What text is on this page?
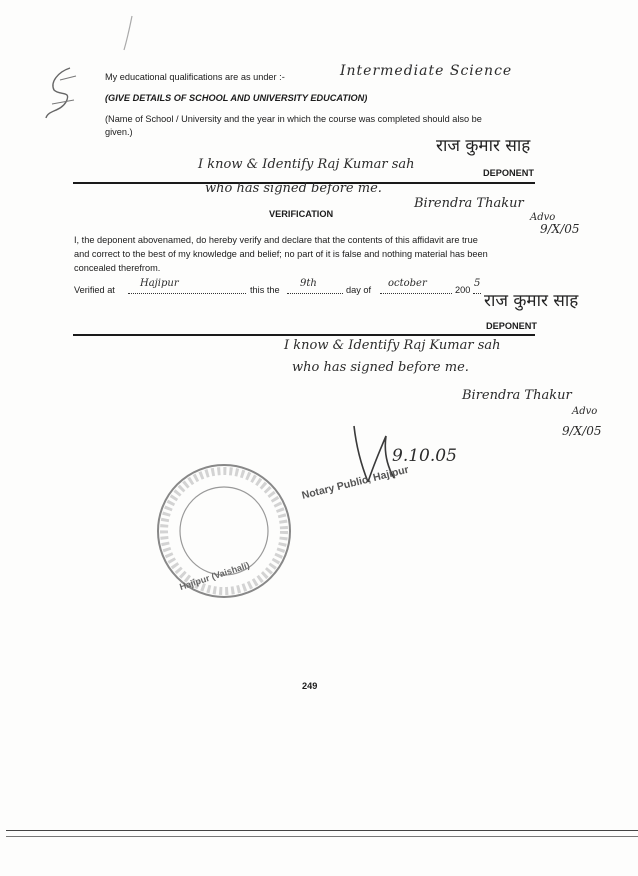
My educational qualifications are as under :-	Intermediate Science
(GIVE DETAILS OF SCHOOL AND UNIVERSITY EDUCATION)
(Name of School / University and the year in which the course was completed should also be
given.)
राज कुमार साह
I know & Identify Raj Kumar sah
DEPONENT
who has signed before me.
Birendra Thakur
Advo
9/X/05
VERIFICATION
I, the deponent abovenamed, do hereby verify and declare that the contents of this affidavit are true
and correct to the best of my knowledge and belief; no part of it is false and nothing material has been
concealed therefrom.
Verified at
Hajipur
this the
9th
day of
october
200
5
राज कुमार साह
DEPONENT
I know & Identify Raj Kumar sah
who has signed before me.
Birendra Thakur
Advo
9/X/05
9.10.05
Hajipur (Vaishali)
Notary Public, Hajipur
249
